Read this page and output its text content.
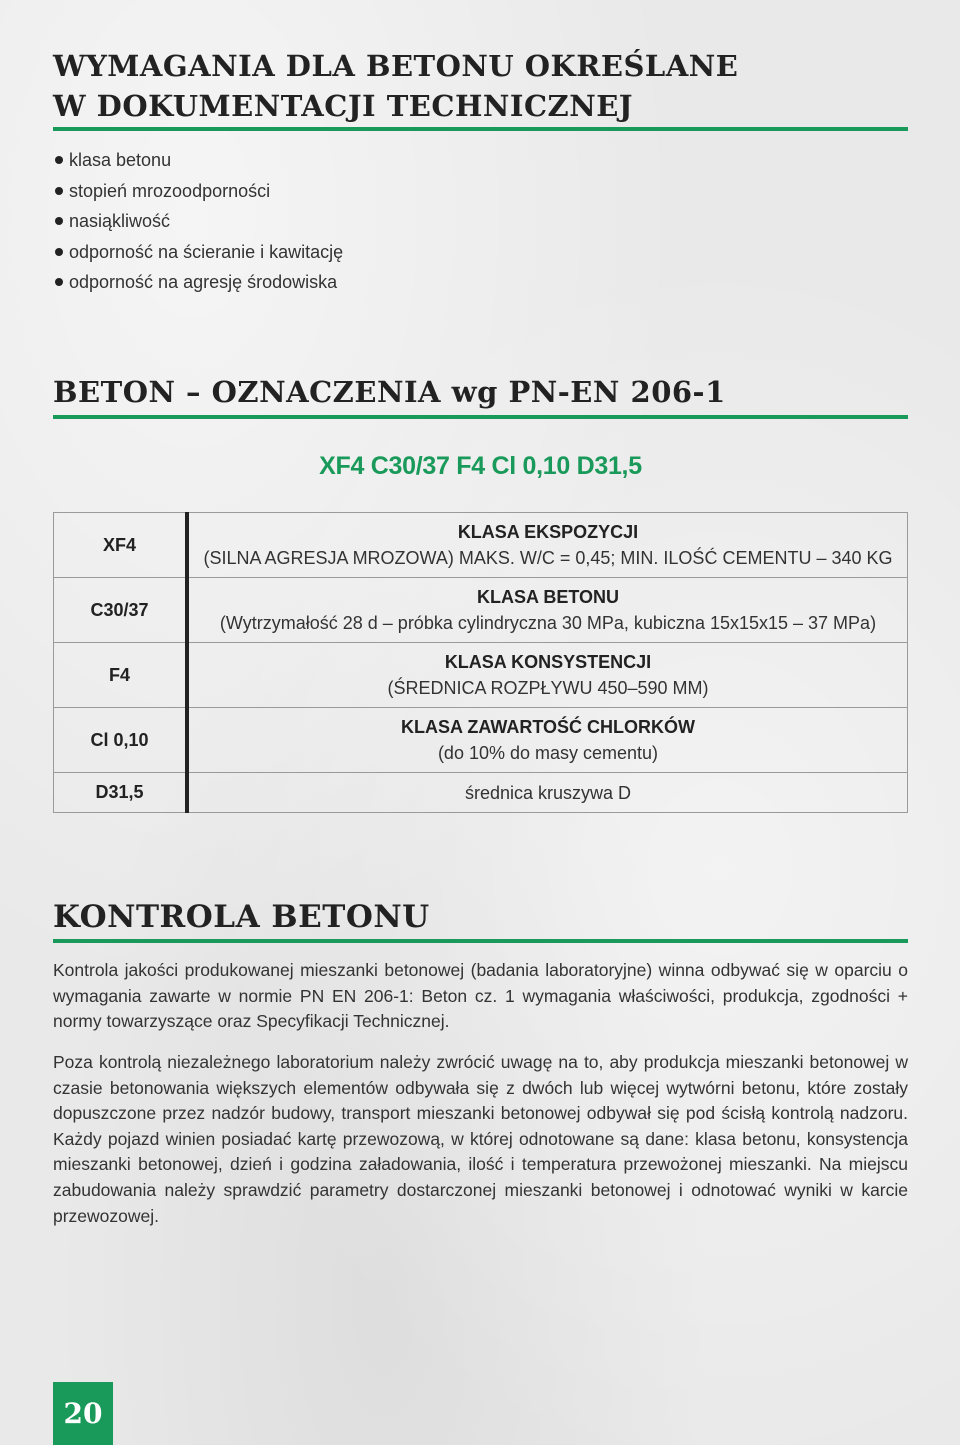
WYMAGANIA DLA BETONU OKREŚLANE
W DOKUMENTACJI TECHNICZNEJ
klasa betonu
stopień mrozoodporności
nasiąkliwość
odporność na ścieranie i kawitację
odporność na agresję środowiska
BETON – OZNACZENIA wg PN-EN 206-1
XF4 C30/37 F4 Cl 0,10 D31,5
XF4	KLASA EKSPOZYCJI
(SILNA AGRESJA MROZOWA) MAKS. W/C = 0,45; MIN. ILOŚĆ CEMENTU – 340 KG

C30/37	KLASA BETONU
(Wytrzymałość 28 d – próbka cylindryczna 30 MPa, kubiczna 15x15x15 – 37 MPa)

F4	KLASA KONSYSTENCJI
(ŚREDNICA ROZPŁYWU 450–590 MM)

Cl 0,10	KLASA ZAWARTOŚĆ CHLORKÓW
(do 10% do masy cementu)

D31,5	średnica kruszywa D
KONTROLA BETONU

Kontrola jakości produkowanej mieszanki betonowej (badania laboratoryjne) winna odbywać się w oparciu o wymagania zawarte w normie PN EN 206-1: Beton cz. 1 wymagania właściwości, produkcja, zgodności + normy towarzyszące oraz Specyfikacji Technicznej.

Poza kontrolą niezależnego laboratorium należy zwrócić uwagę na to, aby produkcja mieszanki betonowej w czasie betonowania większych elementów odbywała się z dwóch lub więcej wytwórni betonu, które zostały dopuszczone przez nadzór budowy, transport mieszanki betonowej odbywał się pod ścisłą kontrolą nadzoru. Każdy pojazd winien posiadać kartę przewozową, w której odnotowane są dane: klasa betonu, konsystencja mieszanki betonowej, dzień i godzina załadowania, ilość i temperatura przewożonej mieszanki. Na miejscu zabudowania należy sprawdzić parametry dostarczonej mieszanki betonowej i odnotować wyniki w karcie przewozowej.

20
